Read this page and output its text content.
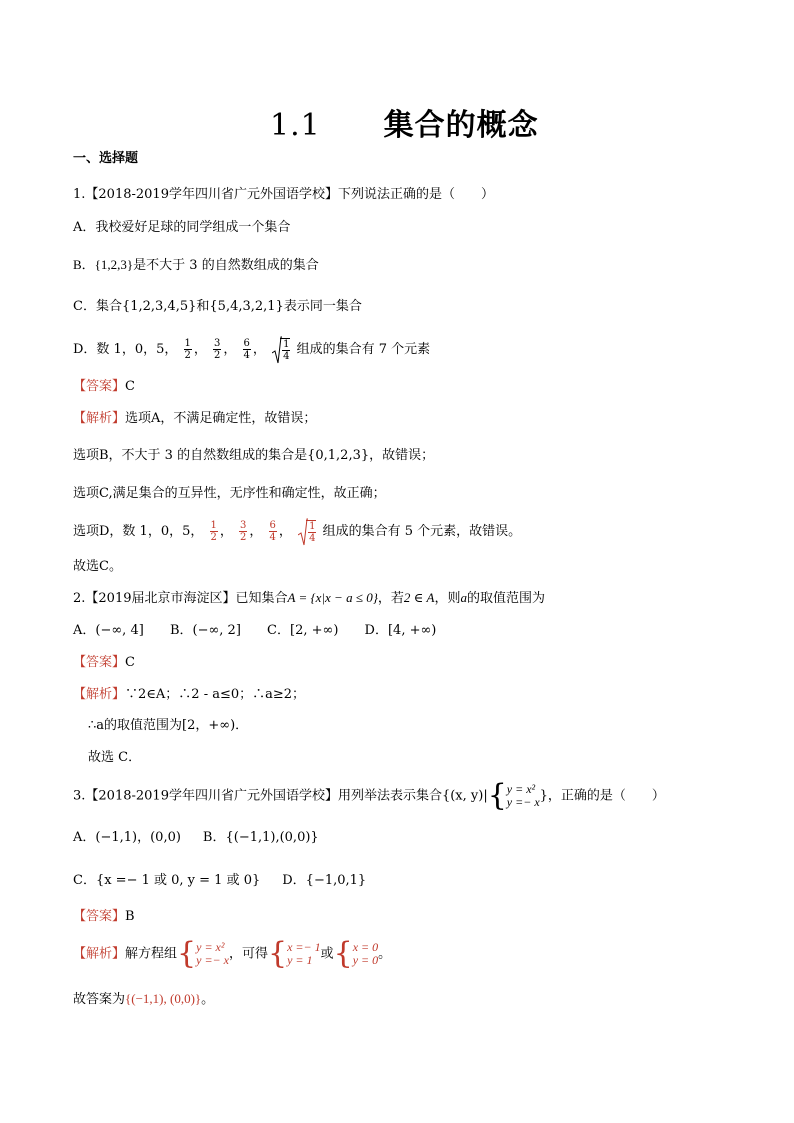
1.1 集合的概念
一、选择题
1.【2018-2019学年四川省广元外国语学校】下列说法正确的是（　　）
A．我校爱好足球的同学组成一个集合
B．{1,2,3}是不大于 3 的自然数组成的集合
C．集合{1,2,3,4,5}和{5,4,3,2,1}表示同一集合
D．数 1，0，5， $\frac{1}{2}$ ， $\frac{3}{2}$ ， $\frac{6}{4}$ ， $\frac{1}{4}$ 组成的集合有 7 个元素
【答案】C
【解析】选项A，不满足确定性，故错误；
选项B，不大于 3 的自然数组成的集合是{0,1,2,3}，故错误；
选项C,满足集合的互异性，无序性和确定性，故正确；
选项D，数 1，0，5， $\frac{1}{2}$ ， $\frac{3}{2}$ ， $\frac{6}{4}$ ， $\frac{1}{4}$ 组成的集合有 5 个元素，故错误。
故选C。
2.【2019届北京市海淀区】已知集合A = {x|x − a ≤ 0}，若2 ∈ A，则a的取值范围为
A．(−∞, 4] B．(−∞, 2] C．[2, +∞) D．[4, +∞)
【答案】C
【解析】∵2∈A；∴2 - a≤0；∴a≥2；
∴a的取值范围为[2，+∞)．
故选 C．
3.【2018-2019学年四川省广元外国语学校】用列举法表示集合{(x, y)| { y = x²
y =− x }，正确的是（　　）
A．(−1,1)，(0,0) B．{(−1,1),(0,0)}
C．{x =− 1 或 0, y = 1 或 0} D．{−1,0,1}
【答案】B
【解析】解方程组 { y = x²
y =− x ，可得 { x =− 1
y = 1 或 { x = 0
y = 0 。
故答案为{(−1,1), (0,0)}。
